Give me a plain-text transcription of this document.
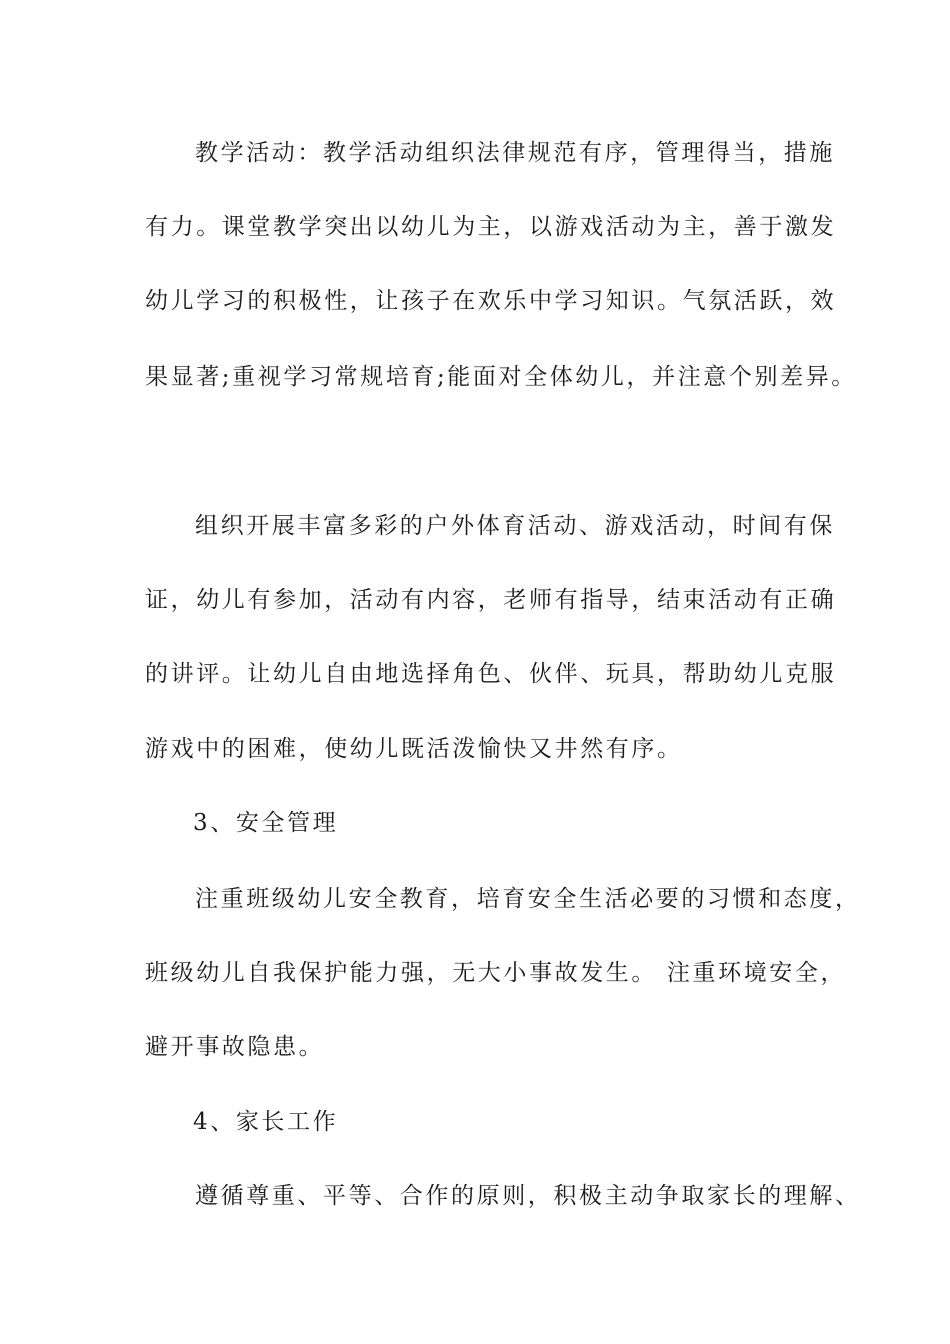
教学活动：教学活动组织法律规范有序，管理得当，措施
有力。课堂教学突出以幼儿为主，以游戏活动为主，善于激发
幼儿学习的积极性，让孩子在欢乐中学习知识。气氛活跃，效
果显著;重视学习常规培育;能面对全体幼儿，并注意个别差异。
组织开展丰富多彩的户外体育活动、游戏活动，时间有保
证，幼儿有参加，活动有内容，老师有指导，结束活动有正确
的讲评。让幼儿自由地选择角色、伙伴、玩具，帮助幼儿克服
游戏中的困难，使幼儿既活泼愉快又井然有序。
3、安全管理
注重班级幼儿安全教育，培育安全生活必要的习惯和态度，
班级幼儿自我保护能力强，无大小事故发生。 注重环境安全，
避开事故隐患。
4、家长工作
遵循尊重、平等、合作的原则，积极主动争取家长的理解、
